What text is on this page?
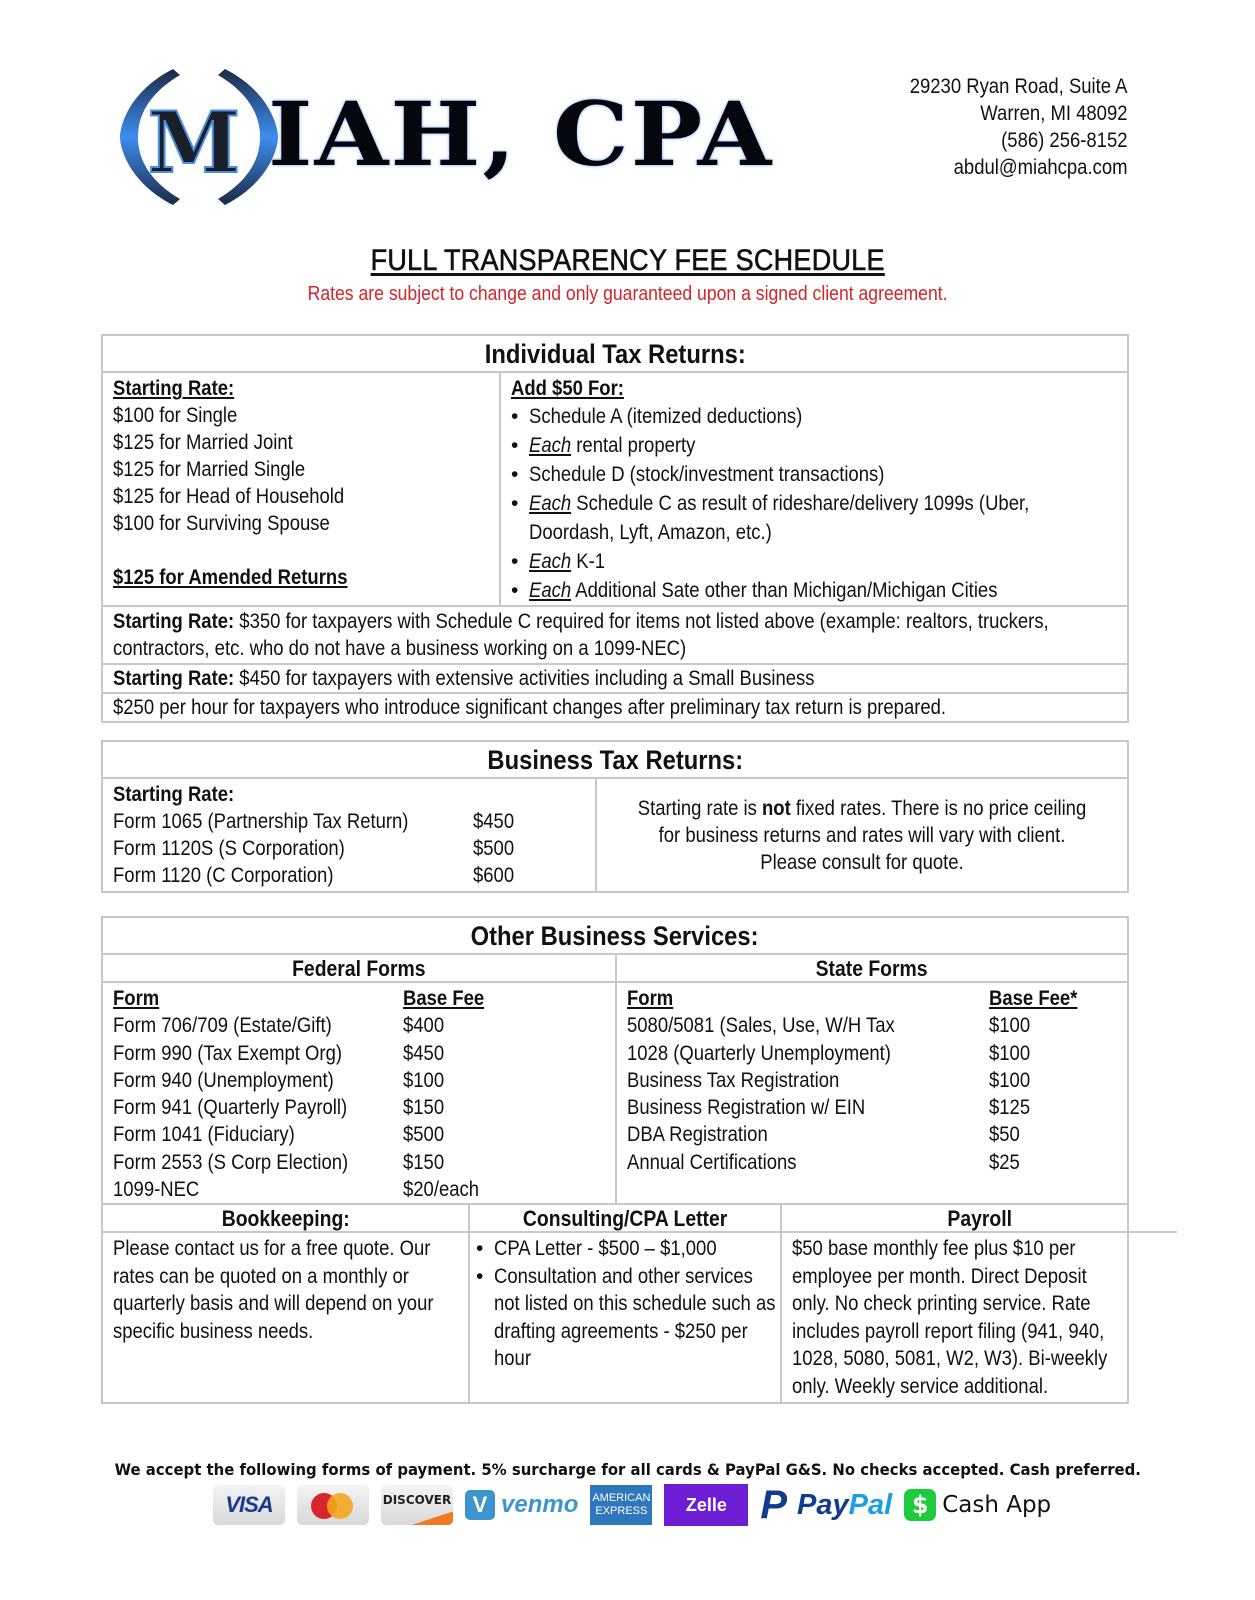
M IAH, CPA	29230 Ryan Road, Suite A
Warren, MI 48092
(586) 256-8152
abdul@miahcpa.com
FULL TRANSPARENCY FEE SCHEDULE
Rates are subject to change and only guaranteed upon a signed client agreement.
Individual Tax Returns:
Starting Rate:
$100 for Single
$125 for Married Joint
$125 for Married Single
$125 for Head of Household
$100 for Surviving Spouse
$125 for Amended Returns
Add $50 For:
• Schedule A (itemized deductions)
• Each rental property
• Schedule D (stock/investment transactions)
• Each Schedule C as result of rideshare/delivery 1099s (Uber,
Doordash, Lyft, Amazon, etc.)
• Each K-1
• Each Additional Sate other than Michigan/Michigan Cities
Starting Rate: $350 for taxpayers with Schedule C required for items not listed above (example: realtors, truckers,
contractors, etc. who do not have a business working on a 1099-NEC)
Starting Rate: $450 for taxpayers with extensive activities including a Small Business
$250 per hour for taxpayers who introduce significant changes after preliminary tax return is prepared.
Business Tax Returns:
Starting Rate:
Form 1065 (Partnership Tax Return)	$450
Form 1120S (S Corporation)	$500
Form 1120 (C Corporation)	$600

Starting rate is not fixed rates. There is no price ceiling for business returns and rates will vary with client. Please consult for quote.

Other Business Services:
Federal Forms
Form	Base Fee
Form 706/709 (Estate/Gift)	$400
Form 990 (Tax Exempt Org)	$450
Form 940 (Unemployment)	$100
Form 941 (Quarterly Payroll)	$150
Form 1041 (Fiduciary)	$500
Form 2553 (S Corp Election)	$150
1099-NEC	$20/each
State Forms
Form	Base Fee*
5080/5081 (Sales, Use, W/H Tax	$100
1028 (Quarterly Unemployment)	$100
Business Tax Registration	$100
Business Registration w/ EIN	$125
DBA Registration	$50
Annual Certifications	$25
Bookkeeping:
Please contact us for a free quote. Our rates can be quoted on a monthly or quarterly basis and will depend on your specific business needs.
Consulting/CPA Letter
• CPA Letter - $500 – $1,000
• Consultation and other services not listed on this schedule such as drafting agreements - $250 per hour
Payroll
$50 base monthly fee plus $10 per employee per month. Direct Deposit only. No check printing service. Rate includes payroll report filing (941, 940, 1028, 5080, 5081, W2, W3). Bi-weekly only. Weekly service additional.
We accept the following forms of payment. 5% surcharge for all cards & PayPal G&S. No checks accepted. Cash preferred.
VISA	DISCOVER V venmo AMERICAN
EXPRESS Zelle P PayPal $ Cash App
